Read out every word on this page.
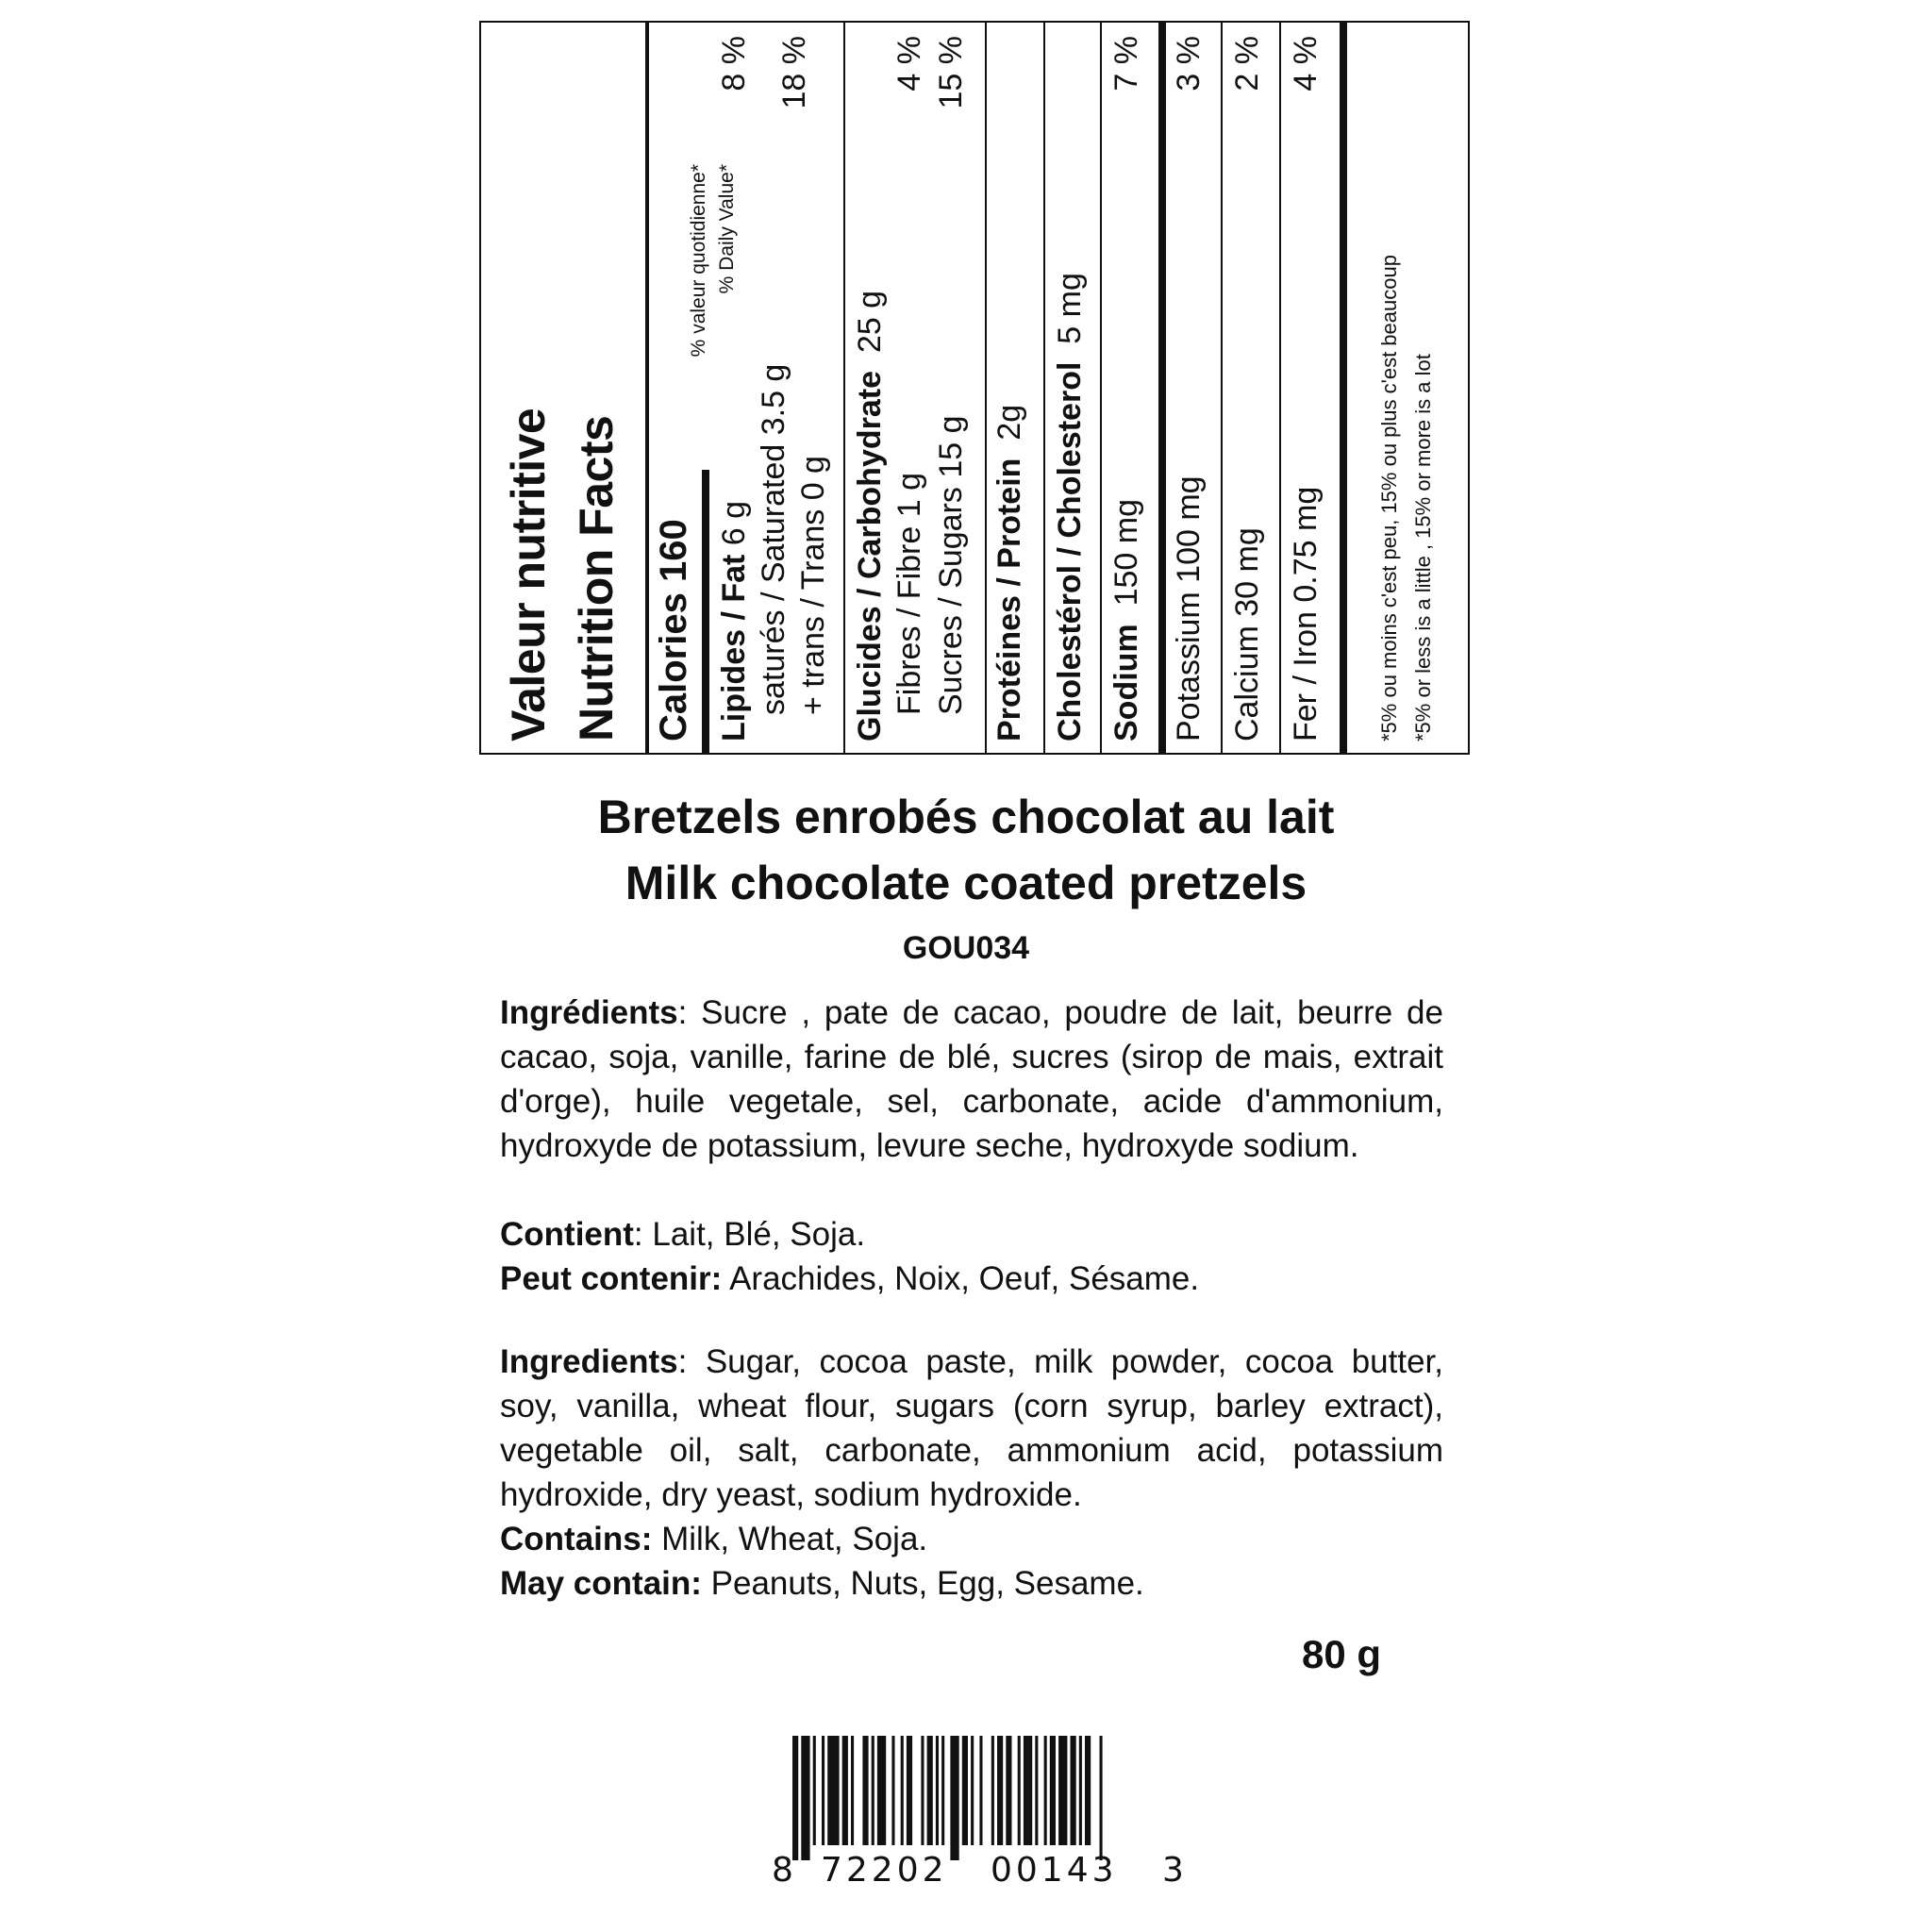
Valeur nutritive Nutrition Facts
% valeur quotidienne* % Daily Value*
Calories 160 Lipides / Fat 6 g
8 %
saturés / Saturated 3.5 g + trans / Trans 0 g
18 %
Glucides / Carbohydrate  25 g
Fibres / Fibre 1 g
4 %
Sucres / Sugars 15 g
15 %
Protéines / Protein  2g Cholestérol / Cholesterol  5 mg
Sodium  150 mg
7 %
Potassium 100 mg
3 %
Calcium 30 mg
2 %
Fer / Iron 0.75 mg
4 %
*5% ou moins c'est peu, 15% ou plus c'est beaucoup *5% or less is a little , 15% or more is a lot
Bretzels enrobés chocolat au lait
Milk chocolate coated pretzels
GOU034
Ingrédients: Sucre , pate de cacao, poudre de lait, beurre de cacao, soja, vanille, farine de blé, sucres (sirop de mais, extrait d'orge), huile vegetale, sel, carbonate, acide d'ammonium, hydroxyde de potassium, levure seche, hydroxyde sodium.
Contient: Lait, Blé, Soja.
Peut contenir: Arachides, Noix, Oeuf, Sésame.
Ingredients: Sugar, cocoa paste, milk powder, cocoa butter, soy, vanilla, wheat flour, sugars (corn syrup, barley extract), vegetable oil, salt, carbonate, ammonium acid, potassium hydroxide, dry yeast, sodium hydroxide.
Contains: Milk, Wheat, Soja.
May contain: Peanuts, Nuts, Egg, Sesame.
80 g
8 72202 00143 3
